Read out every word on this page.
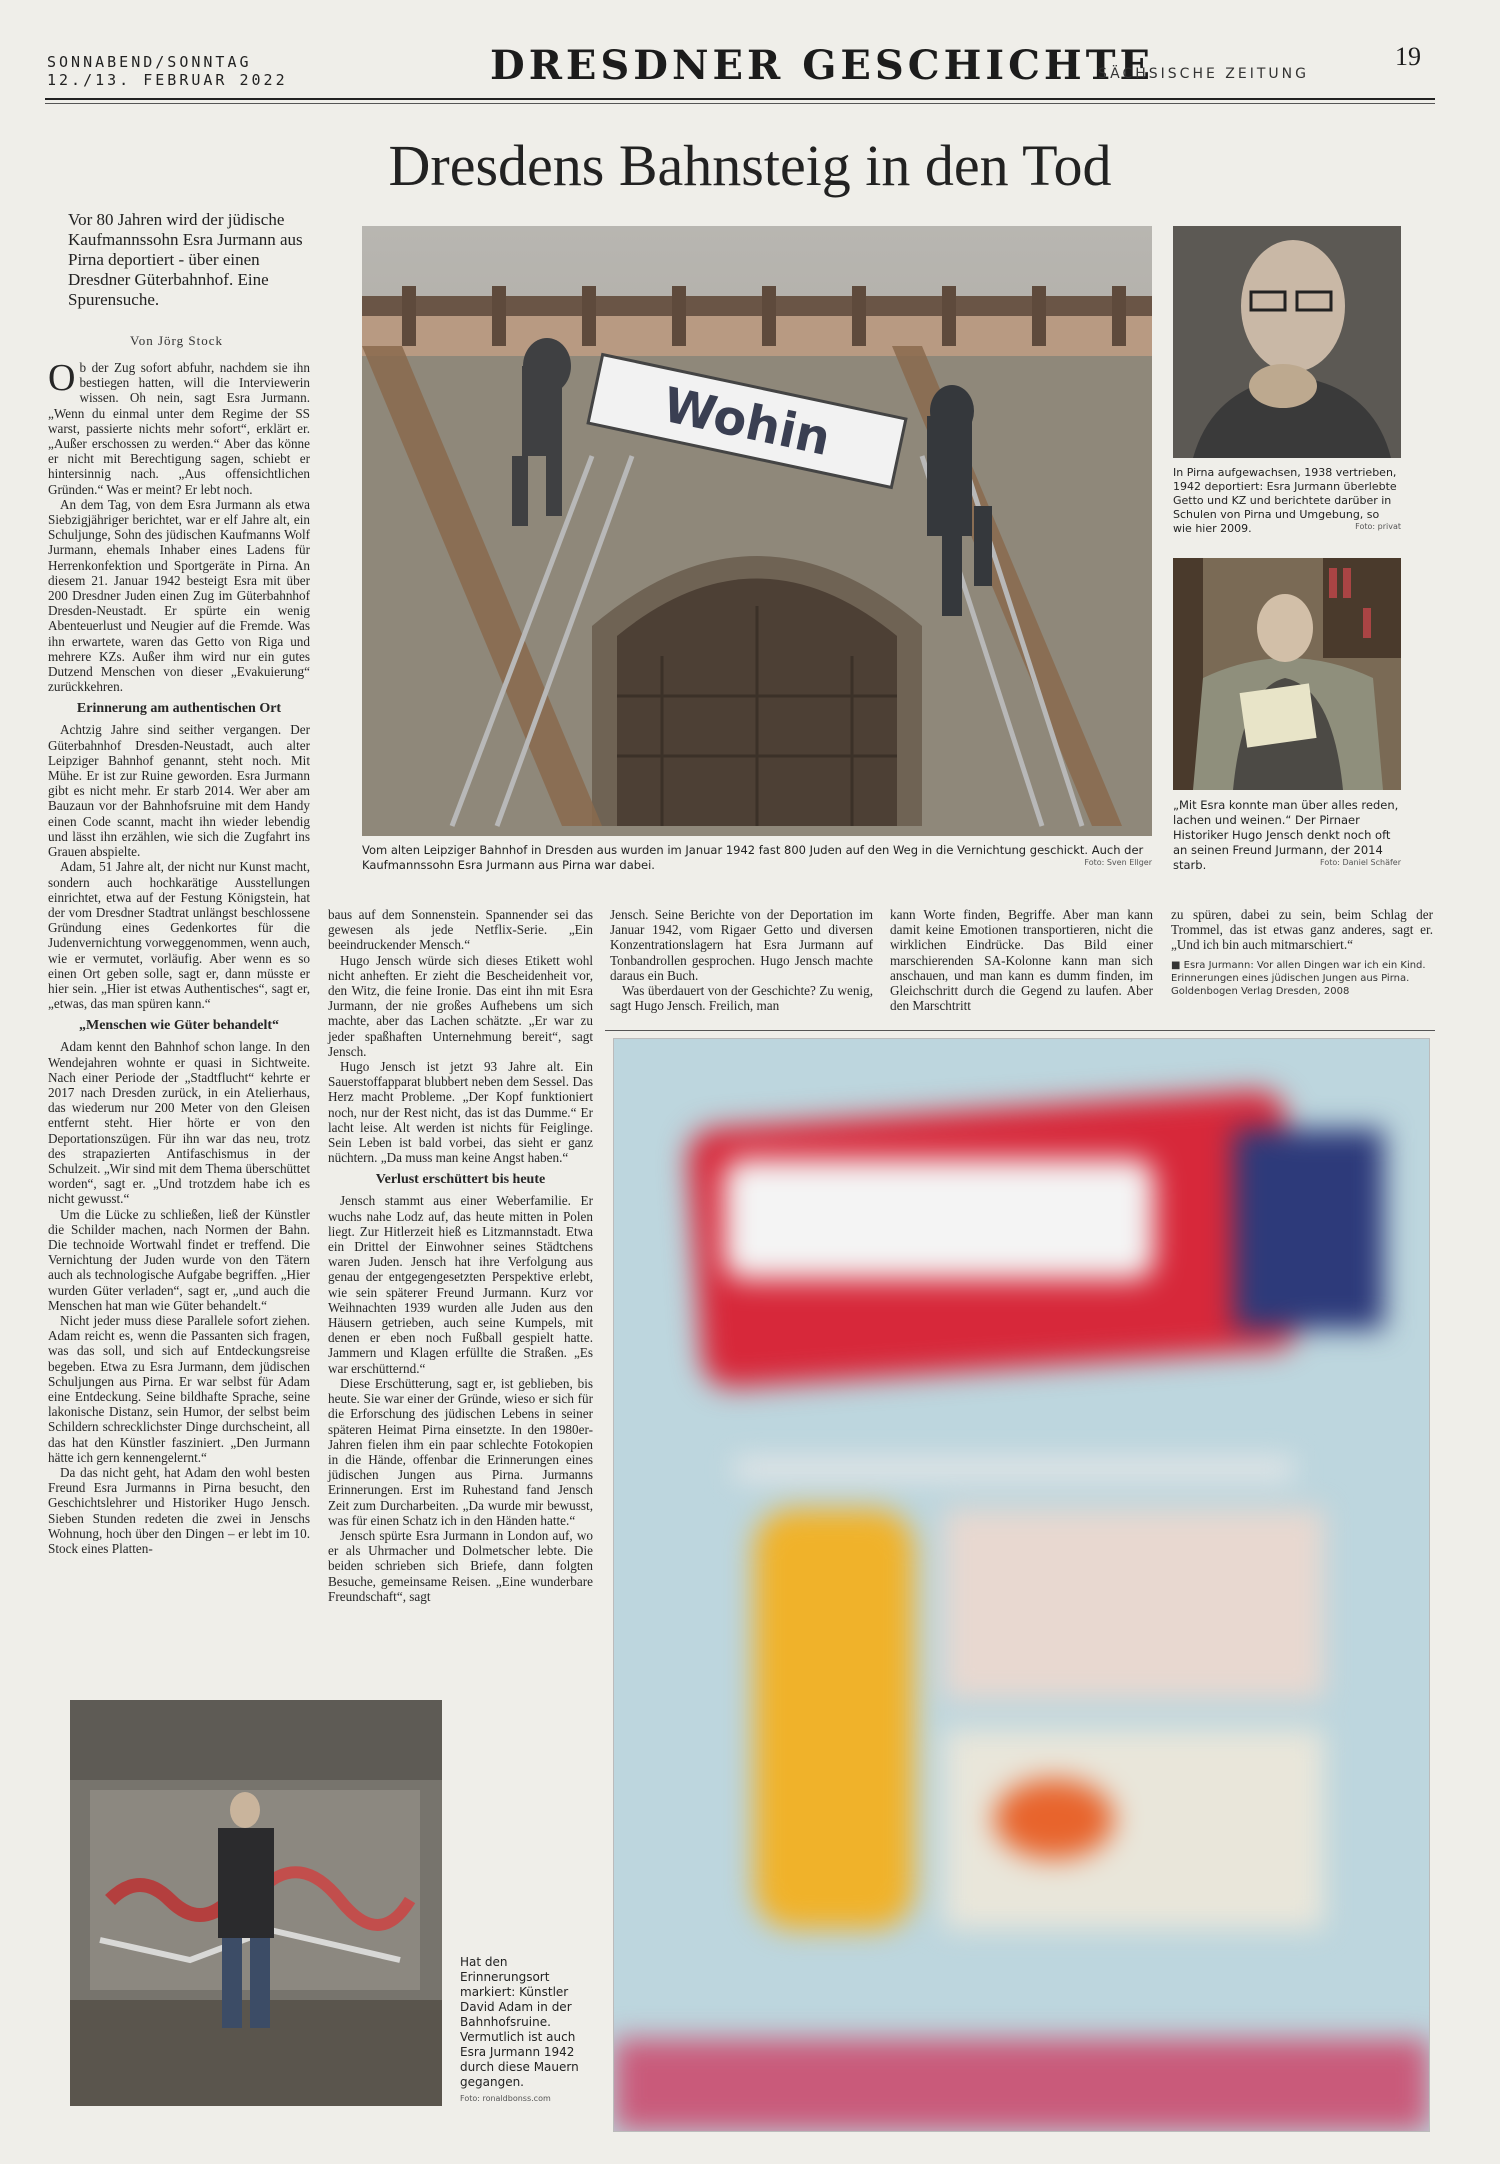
SONNABEND/SONNTAG
12./13. FEBRUAR 2022	DRESDNER GESCHICHTE
SÄCHSISCHE ZEITUNG
19
Dresdens Bahnsteig in den Tod
Vor 80 Jahren wird der jüdische Kaufmannssohn Esra Jurmann aus Pirna deportiert - über einen Dresdner Güterbahnhof. Eine Spurensuche.
Von Jörg Stock
Wohin
Vom alten Leipziger Bahnhof in Dresden aus wurden im Januar 1942 fast 800 Juden auf den Weg in die Vernichtung geschickt. Auch der Kaufmannssohn Esra Jurmann aus Pirna war dabei.	Foto: Sven Ellger
In Pirna aufgewachsen, 1938 vertrieben, 1942 deportiert: Esra Jurmann überlebte Getto und KZ und berichtete darüber in Schulen von Pirna und Umgebung, so wie hier 2009.	Foto: privat
„Mit Esra konnte man über alles reden, lachen und weinen.“ Der Pirnaer Historiker Hugo Jensch denkt noch oft an seinen Freund Jurmann, der 2014 starb.	Foto: Daniel Schäfer

Ob der Zug sofort abfuhr, nachdem sie ihn bestiegen hatten, will die Interviewerin wissen. Oh nein, sagt Esra Jurmann. „Wenn du einmal unter dem Regime der SS warst, passierte nichts mehr sofort“, erklärt er. „Außer erschossen zu werden.“ Aber das könne er nicht mit Berechtigung sagen, schiebt er hintersinnig nach. „Aus offensichtlichen Gründen.“ Was er meint? Er lebt noch.

An dem Tag, von dem Esra Jurmann als etwa Siebzigjähriger berichtet, war er elf Jahre alt, ein Schuljunge, Sohn des jüdischen Kaufmanns Wolf Jurmann, ehemals Inhaber eines Ladens für Herrenkonfektion und Sportgeräte in Pirna. An diesem 21. Januar 1942 besteigt Esra mit über 200 Dresdner Juden einen Zug im Güterbahnhof Dresden-Neustadt. Er spürte ein wenig Abenteuerlust und Neugier auf die Fremde. Was ihn erwartete, waren das Getto von Riga und mehrere KZs. Außer ihm wird nur ein gutes Dutzend Menschen von dieser „Evakuierung“ zurückkehren.

Erinnerung am authentischen Ort

Achtzig Jahre sind seither vergangen. Der Güterbahnhof Dresden-Neustadt, auch alter Leipziger Bahnhof genannt, steht noch. Mit Mühe. Er ist zur Ruine geworden. Esra Jurmann gibt es nicht mehr. Er starb 2014. Wer aber am Bauzaun vor der Bahnhofsruine mit dem Handy einen Code scannt, macht ihn wieder lebendig und lässt ihn erzählen, wie sich die Zugfahrt ins Grauen abspielte.

Adam, 51 Jahre alt, der nicht nur Kunst macht, sondern auch hochkarätige Ausstellungen einrichtet, etwa auf der Festung Königstein, hat der vom Dresdner Stadtrat unlängst beschlossene Gründung eines Gedenkortes für die Judenvernichtung vorweggenommen, wenn auch, wie er vermutet, vorläufig. Aber wenn es so einen Ort geben solle, sagt er, dann müsste er hier sein. „Hier ist etwas Authentisches“, sagt er, „etwas, das man spüren kann.“

„Menschen wie Güter behandelt“

Adam kennt den Bahnhof schon lange. In den Wendejahren wohnte er quasi in Sichtweite. Nach einer Periode der „Stadtflucht“ kehrte er 2017 nach Dresden zurück, in ein Atelierhaus, das wiederum nur 200 Meter von den Gleisen entfernt steht. Hier hörte er von den Deportationszügen. Für ihn war das neu, trotz des strapazierten Antifaschismus in der Schulzeit. „Wir sind mit dem Thema überschüttet worden“, sagt er. „Und trotzdem habe ich es nicht gewusst.“

Um die Lücke zu schließen, ließ der Künstler die Schilder machen, nach Normen der Bahn. Die technoide Wortwahl findet er treffend. Die Vernichtung der Juden wurde von den Tätern auch als technologische Aufgabe begriffen. „Hier wurden Güter verladen“, sagt er, „und auch die Menschen hat man wie Güter behandelt.“

Nicht jeder muss diese Parallele sofort ziehen. Adam reicht es, wenn die Passanten sich fragen, was das soll, und sich auf Entdeckungsreise begeben. Etwa zu Esra Jurmann, dem jüdischen Schuljungen aus Pirna. Er war selbst für Adam eine Entdeckung. Seine bildhafte Sprache, seine lakonische Distanz, sein Humor, der selbst beim Schildern schrecklichster Dinge durchscheint, all das hat den Künstler fasziniert. „Den Jurmann hätte ich gern kennengelernt.“

Da das nicht geht, hat Adam den wohl besten Freund Esra Jurmanns in Pirna besucht, den Geschichtslehrer und Historiker Hugo Jensch. Sieben Stunden redeten die zwei in Jenschs Wohnung, hoch über den Dingen – er lebt im 10. Stock eines Platten-

baus auf dem Sonnenstein. Spannender sei das gewesen als jede Netflix-Serie. „Ein beeindruckender Mensch.“

Hugo Jensch würde sich dieses Etikett wohl nicht anheften. Er zieht die Bescheidenheit vor, den Witz, die feine Ironie. Das eint ihn mit Esra Jurmann, der nie großes Aufhebens um sich machte, aber das Lachen schätzte. „Er war zu jeder spaßhaften Unternehmung bereit“, sagt Jensch.

Hugo Jensch ist jetzt 93 Jahre alt. Ein Sauerstoffapparat blubbert neben dem Sessel. Das Herz macht Probleme. „Der Kopf funktioniert noch, nur der Rest nicht, das ist das Dumme.“ Er lacht leise. Alt werden ist nichts für Feiglinge. Sein Leben ist bald vorbei, das sieht er ganz nüchtern. „Da muss man keine Angst haben.“

Verlust erschüttert bis heute

Jensch stammt aus einer Weberfamilie. Er wuchs nahe Lodz auf, das heute mitten in Polen liegt. Zur Hitlerzeit hieß es Litzmannstadt. Etwa ein Drittel der Einwohner seines Städtchens waren Juden. Jensch hat ihre Verfolgung aus genau der entgegengesetzten Perspektive erlebt, wie sein späterer Freund Jurmann. Kurz vor Weihnachten 1939 wurden alle Juden aus den Häusern getrieben, auch seine Kumpels, mit denen er eben noch Fußball gespielt hatte. Jammern und Klagen erfüllte die Straßen. „Es war erschütternd.“

Diese Erschütterung, sagt er, ist geblieben, bis heute. Sie war einer der Gründe, wieso er sich für die Erforschung des jüdischen Lebens in seiner späteren Heimat Pirna einsetzte. In den 1980er-Jahren fielen ihm ein paar schlechte Fotokopien in die Hände, offenbar die Erinnerungen eines jüdischen Jungen aus Pirna. Jurmanns Erinnerungen. Erst im Ruhestand fand Jensch Zeit zum Durcharbeiten. „Da wurde mir bewusst, was für einen Schatz ich in den Händen hatte.“

Jensch spürte Esra Jurmann in London auf, wo er als Uhrmacher und Dolmetscher lebte. Die beiden schrieben sich Briefe, dann folgten Besuche, gemeinsame Reisen. „Eine wunderbare Freundschaft“, sagt

Jensch. Seine Berichte von der Deportation im Januar 1942, vom Rigaer Getto und diversen Konzentrationslagern hat Esra Jurmann auf Tonbandrollen gesprochen. Hugo Jensch machte daraus ein Buch.

Was überdauert von der Geschichte? Zu wenig, sagt Hugo Jensch. Freilich, man

kann Worte finden, Begriffe. Aber man kann damit keine Emotionen transportieren, nicht die wirklichen Eindrücke. Das Bild einer marschierenden SA-Kolonne kann man sich anschauen, und man kann es dumm finden, im Gleichschritt durch die Gegend zu laufen. Aber den Marschtritt

zu spüren, dabei zu sein, beim Schlag der Trommel, das ist etwas ganz anderes, sagt er. „Und ich bin auch mitmarschiert.“

■ Esra Jurmann: Vor allen Dingen war ich ein Kind. Erinnerungen eines jüdischen Jungen aus Pirna. Goldenbogen Verlag Dresden, 2008

Hat den Erinnerungsort markiert: Künstler David Adam in der Bahnhofsruine. Vermutlich ist auch Esra Jurmann 1942 durch diese Mauern gegangen.
Foto: ronaldbonss.com
